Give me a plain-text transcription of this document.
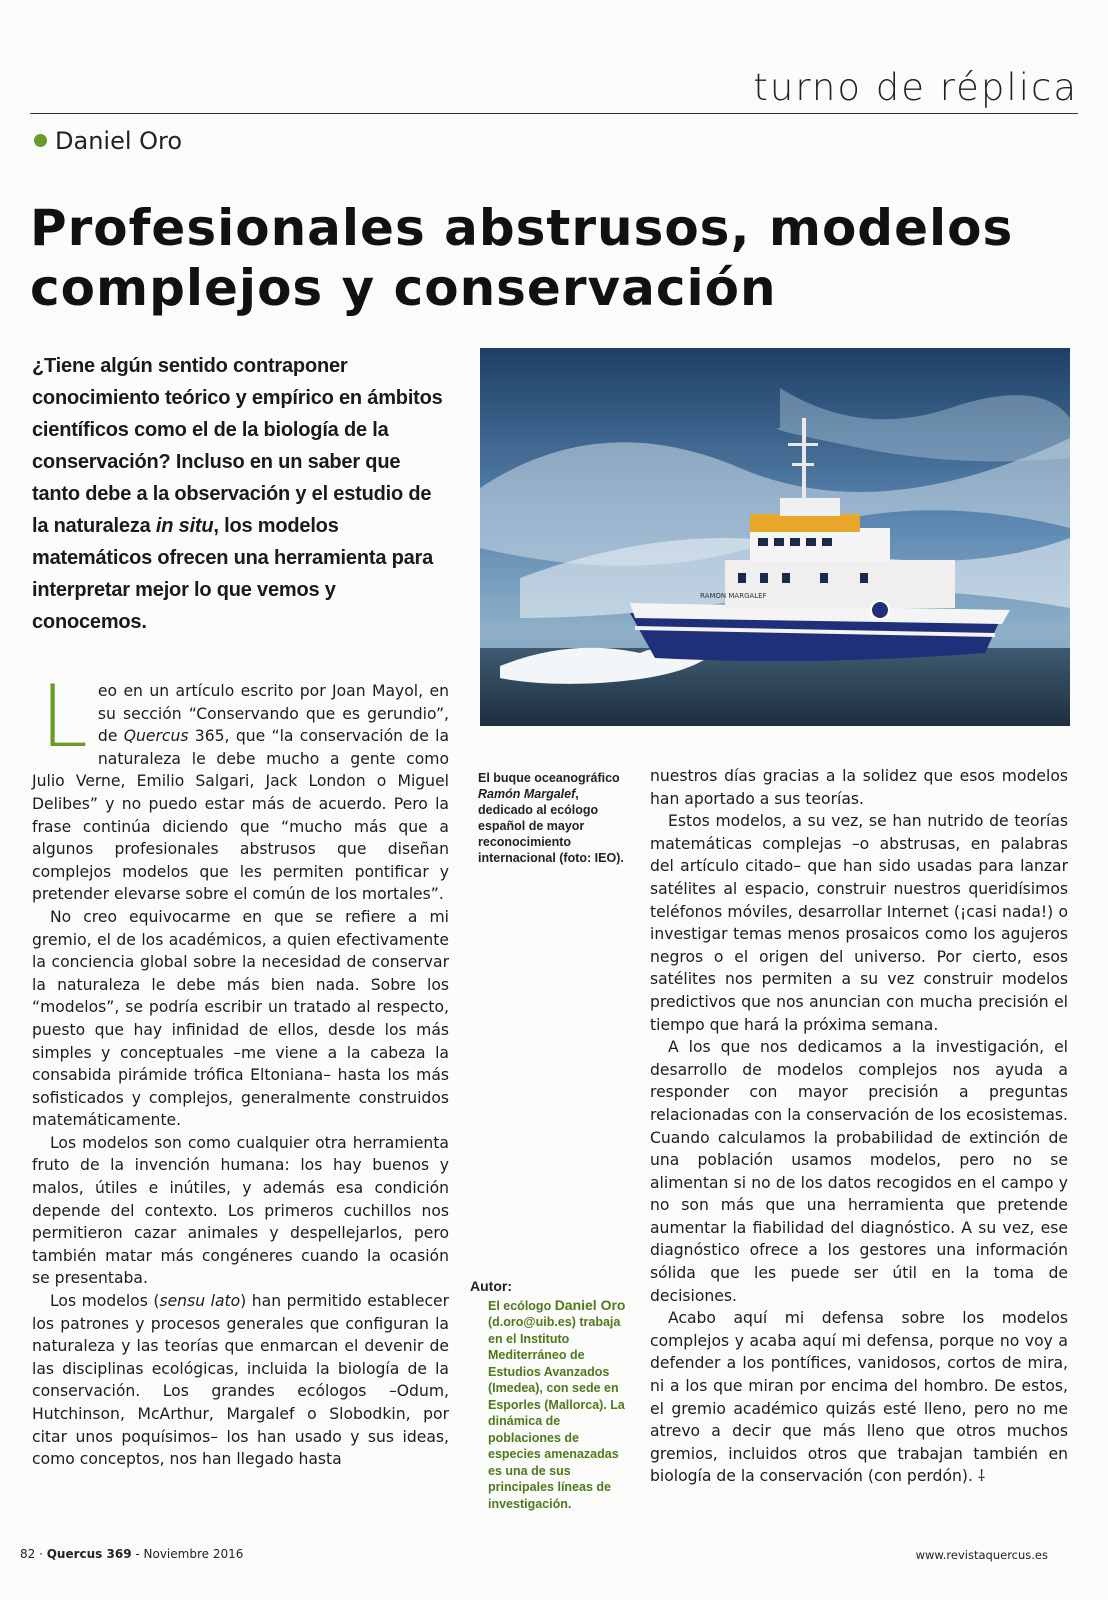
turno de réplica
Daniel Oro
Profesionales abstrusos, modelos complejos y conservación

¿Tiene algún sentido contraponer conocimiento teórico y empírico en ámbitos científicos como el de la biología de la conservación? Incluso en un saber que tanto debe a la observación y el estudio de la naturaleza in situ, los modelos matemáticos ofrecen una herramienta para interpretar mejor lo que vemos y conocemos.

RAMON MARGALEF
El buque oceanográfico Ramón Margalef, dedicado al ecólogo español de mayor reconocimiento internacional (foto: IEO).
Autor:
El ecólogo Daniel Oro (d.oro@uib.es) trabaja en el Instituto Mediterráneo de Estudios Avanzados (Imedea), con sede en Esporles (Mallorca). La dinámica de poblaciones de especies amenazadas es una de sus principales líneas de investigación.

Leo en un artículo escrito por Joan Mayol, en su sección “Conservando que es gerundio”, de Quercus 365, que “la conservación de la naturaleza le debe mucho a gente como Julio Verne, Emilio Salgari, Jack London o Miguel Delibes” y no puedo estar más de acuerdo. Pero la frase continúa diciendo que “mucho más que a algunos profesionales abstrusos que diseñan complejos modelos que les permiten pontificar y pretender elevarse sobre el común de los mortales”.

No creo equivocarme en que se refiere a mi gremio, el de los académicos, a quien efectivamente la conciencia global sobre la necesidad de conservar la naturaleza le debe más bien nada. Sobre los “modelos”, se podría escribir un tratado al respecto, puesto que hay infinidad de ellos, desde los más simples y conceptuales –me viene a la cabeza la consabida pirámide trófica Eltoniana– hasta los más sofisticados y complejos, generalmente construidos matemáticamente.

Los modelos son como cualquier otra herramienta fruto de la invención humana: los hay buenos y malos, útiles e inútiles, y además esa condición depende del contexto. Los primeros cuchillos nos permitieron cazar animales y despellejarlos, pero también matar más congéneres cuando la ocasión se presentaba.

Los modelos (sensu lato) han permitido establecer los patrones y procesos generales que configuran la naturaleza y las teorías que enmarcan el devenir de las disciplinas ecológicas, incluida la biología de la conservación. Los grandes ecólogos –Odum, Hutchinson, McArthur, Margalef o Slobodkin, por citar unos poquísimos– los han usado y sus ideas, como conceptos, nos han llegado hasta

nuestros días gracias a la solidez que esos modelos han aportado a sus teorías.

Estos modelos, a su vez, se han nutrido de teorías matemáticas complejas –o abstrusas, en palabras del artículo citado– que han sido usadas para lanzar satélites al espacio, construir nuestros queridísimos teléfonos móviles, desarrollar Internet (¡casi nada!) o investigar temas menos prosaicos como los agujeros negros o el origen del universo. Por cierto, esos satélites nos permiten a su vez construir modelos predictivos que nos anuncian con mucha precisión el tiempo que hará la próxima semana.

A los que nos dedicamos a la investigación, el desarrollo de modelos complejos nos ayuda a responder con mayor precisión a preguntas relacionadas con la conservación de los ecosistemas. Cuando calculamos la probabilidad de extinción de una población usamos modelos, pero no se alimentan si no de los datos recogidos en el campo y no son más que una herramienta que pretende aumentar la fiabilidad del diagnóstico. A su vez, ese diagnóstico ofrece a los gestores una información sólida que les puede ser útil en la toma de decisiones.

Acabo aquí mi defensa sobre los modelos complejos y acaba aquí mi defensa, porque no voy a defender a los pontífices, vanidosos, cortos de mira, ni a los que miran por encima del hombro. De estos, el gremio académico quizás esté lleno, pero no me atrevo a decir que más lleno que otros muchos gremios, incluidos otros que trabajan también en biología de la conservación (con perdón). ⸸

82 · Quercus 369 - Noviembre 2016	www.revistaquercus.es
